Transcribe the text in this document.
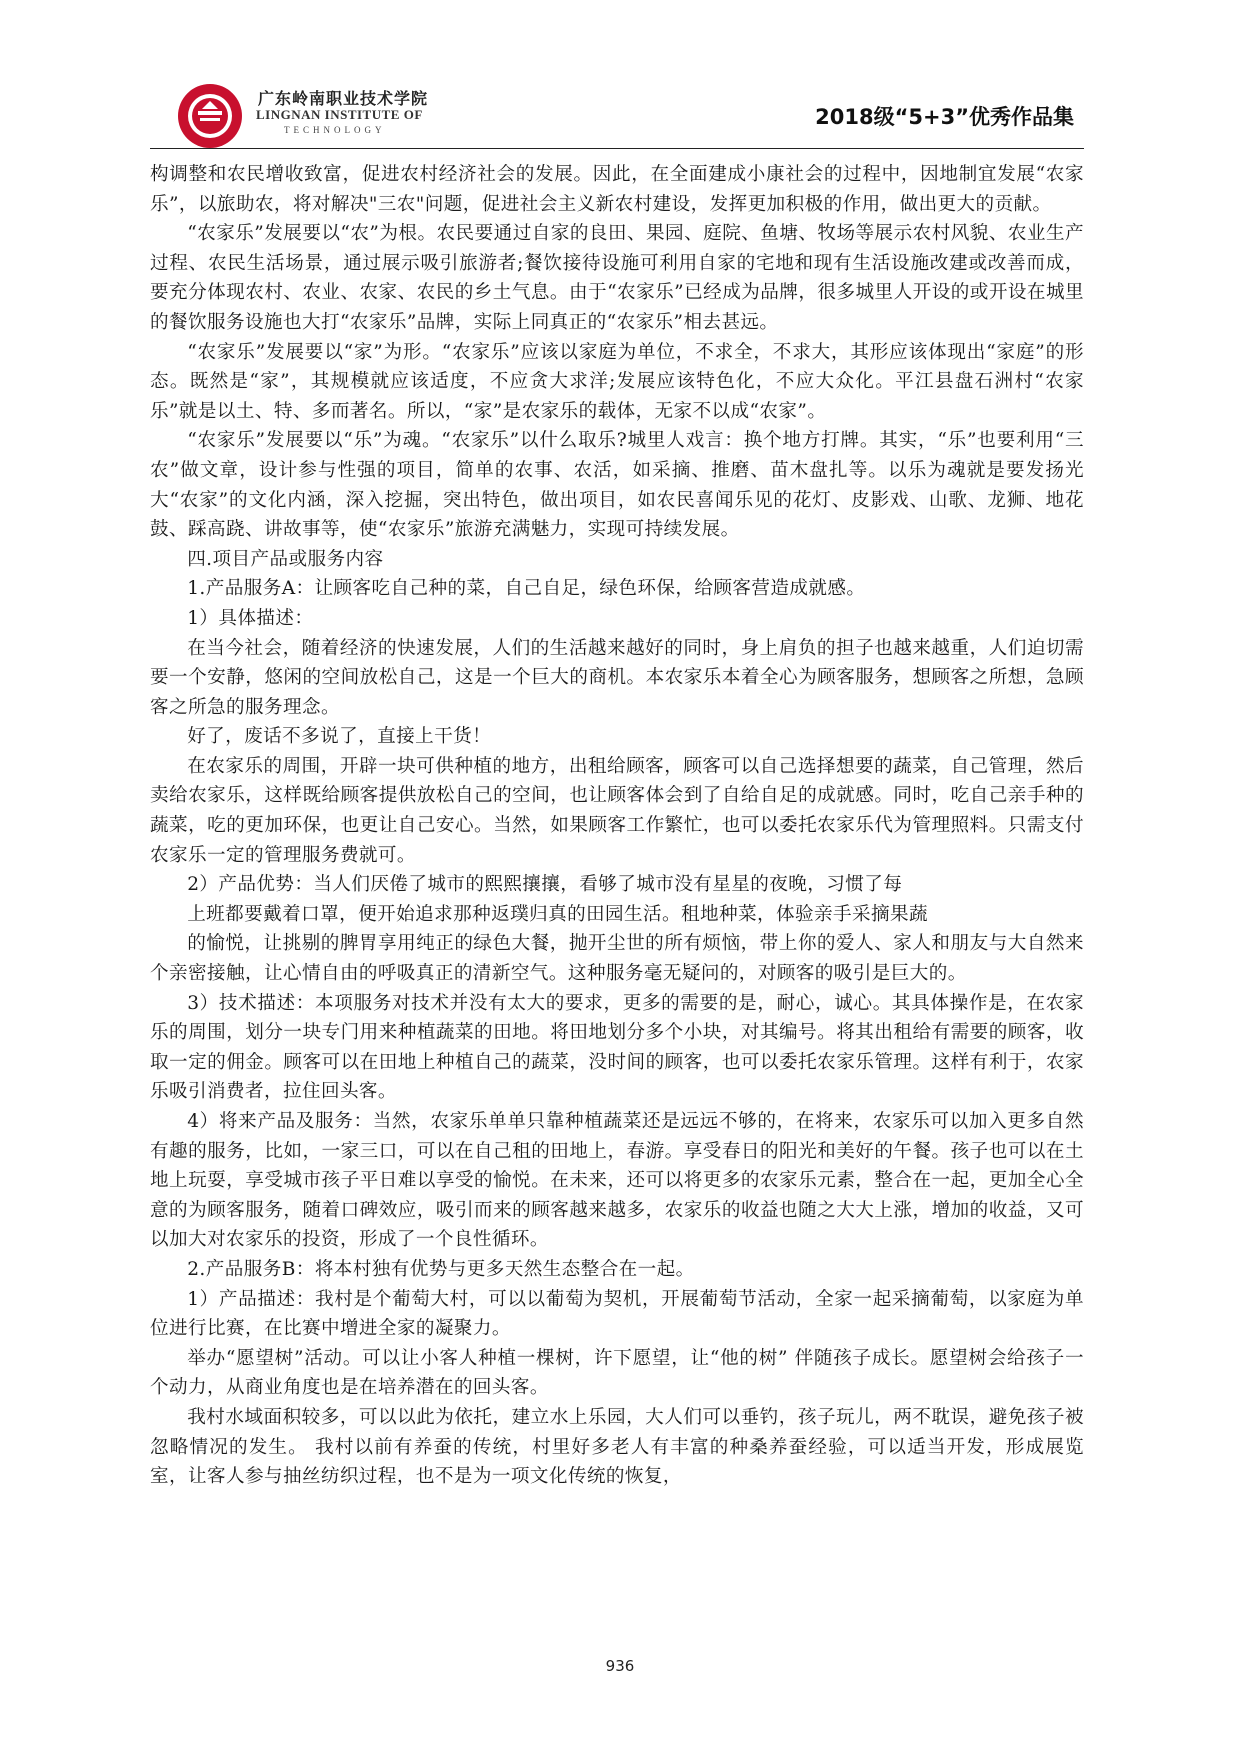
广东岭南职业技术学院
LINGNAN INSTITUTE OF
TECHNOLOGY
2018级“5+3”优秀作品集

构调整和农民增收致富，促进农村经济社会的发展。因此，在全面建成小康社会的过程中，因地制宜发展“农家乐”，以旅助农，将对解决"三农"问题，促进社会主义新农村建设，发挥更加积极的作用，做出更大的贡献。

“农家乐”发展要以“农”为根。农民要通过自家的良田、果园、庭院、鱼塘、牧场等展示农村风貌、农业生产过程、农民生活场景，通过展示吸引旅游者;餐饮接待设施可利用自家的宅地和现有生活设施改建或改善而成，要充分体现农村、农业、农家、农民的乡土气息。由于“农家乐”已经成为品牌，很多城里人开设的或开设在城里的餐饮服务设施也大打“农家乐”品牌，实际上同真正的“农家乐”相去甚远。

“农家乐”发展要以“家”为形。“农家乐”应该以家庭为单位，不求全，不求大，其形应该体现出“家庭”的形态。既然是“家”，其规模就应该适度，不应贪大求洋;发展应该特色化，不应大众化。平江县盘石洲村“农家乐”就是以土、特、多而著名。所以，“家”是农家乐的载体，无家不以成“农家”。

“农家乐”发展要以“乐”为魂。“农家乐”以什么取乐?城里人戏言：换个地方打牌。其实，“乐”也要利用“三农”做文章，设计参与性强的项目，简单的农事、农活，如采摘、推磨、苗木盘扎等。以乐为魂就是要发扬光大“农家”的文化内涵，深入挖掘，突出特色，做出项目，如农民喜闻乐见的花灯、皮影戏、山歌、龙狮、地花鼓、踩高跷、讲故事等，使“农家乐”旅游充满魅力，实现可持续发展。

四.项目产品或服务内容

1.产品服务A：让顾客吃自己种的菜，自己自足，绿色环保，给顾客营造成就感。

1）具体描述：

在当今社会，随着经济的快速发展，人们的生活越来越好的同时，身上肩负的担子也越来越重，人们迫切需要一个安静，悠闲的空间放松自己，这是一个巨大的商机。本农家乐本着全心为顾客服务，想顾客之所想，急顾客之所急的服务理念。

好了，废话不多说了，直接上干货！

在农家乐的周围，开辟一块可供种植的地方，出租给顾客，顾客可以自己选择想要的蔬菜，自己管理，然后卖给农家乐，这样既给顾客提供放松自己的空间，也让顾客体会到了自给自足的成就感。同时，吃自己亲手种的蔬菜，吃的更加环保，也更让自己安心。当然，如果顾客工作繁忙，也可以委托农家乐代为管理照料。只需支付农家乐一定的管理服务费就可。

2）产品优势：当人们厌倦了城市的熙熙攘攘，看够了城市没有星星的夜晚，习惯了每

上班都要戴着口罩，便开始追求那种返璞归真的田园生活。租地种菜，体验亲手采摘果蔬

的愉悦，让挑剔的脾胃享用纯正的绿色大餐，抛开尘世的所有烦恼，带上你的爱人、家人和朋友与大自然来个亲密接触，让心情自由的呼吸真正的清新空气。这种服务毫无疑问的，对顾客的吸引是巨大的。

3）技术描述：本项服务对技术并没有太大的要求，更多的需要的是，耐心，诚心。其具体操作是，在农家乐的周围，划分一块专门用来种植蔬菜的田地。将田地划分多个小块，对其编号。将其出租给有需要的顾客，收取一定的佣金。顾客可以在田地上种植自己的蔬菜，没时间的顾客，也可以委托农家乐管理。这样有利于，农家乐吸引消费者，拉住回头客。

4）将来产品及服务：当然，农家乐单单只靠种植蔬菜还是远远不够的，在将来，农家乐可以加入更多自然有趣的服务，比如，一家三口，可以在自己租的田地上，春游。享受春日的阳光和美好的午餐。孩子也可以在土地上玩耍，享受城市孩子平日难以享受的愉悦。在未来，还可以将更多的农家乐元素，整合在一起，更加全心全意的为顾客服务，随着口碑效应，吸引而来的顾客越来越多，农家乐的收益也随之大大上涨，增加的收益，又可以加大对农家乐的投资，形成了一个良性循环。

2.产品服务B：将本村独有优势与更多天然生态整合在一起。

1）产品描述：我村是个葡萄大村，可以以葡萄为契机，开展葡萄节活动，全家一起采摘葡萄，以家庭为单位进行比赛，在比赛中增进全家的凝聚力。

举办“愿望树”活动。可以让小客人种植一棵树，许下愿望，让“他的树” 伴随孩子成长。愿望树会给孩子一个动力，从商业角度也是在培养潜在的回头客。

我村水域面积较多，可以以此为依托，建立水上乐园，大人们可以垂钓，孩子玩儿，两不耽误，避免孩子被忽略情况的发生。 我村以前有养蚕的传统，村里好多老人有丰富的种桑养蚕经验，可以适当开发，形成展览室，让客人参与抽丝纺织过程，也不是为一项文化传统的恢复，

936
